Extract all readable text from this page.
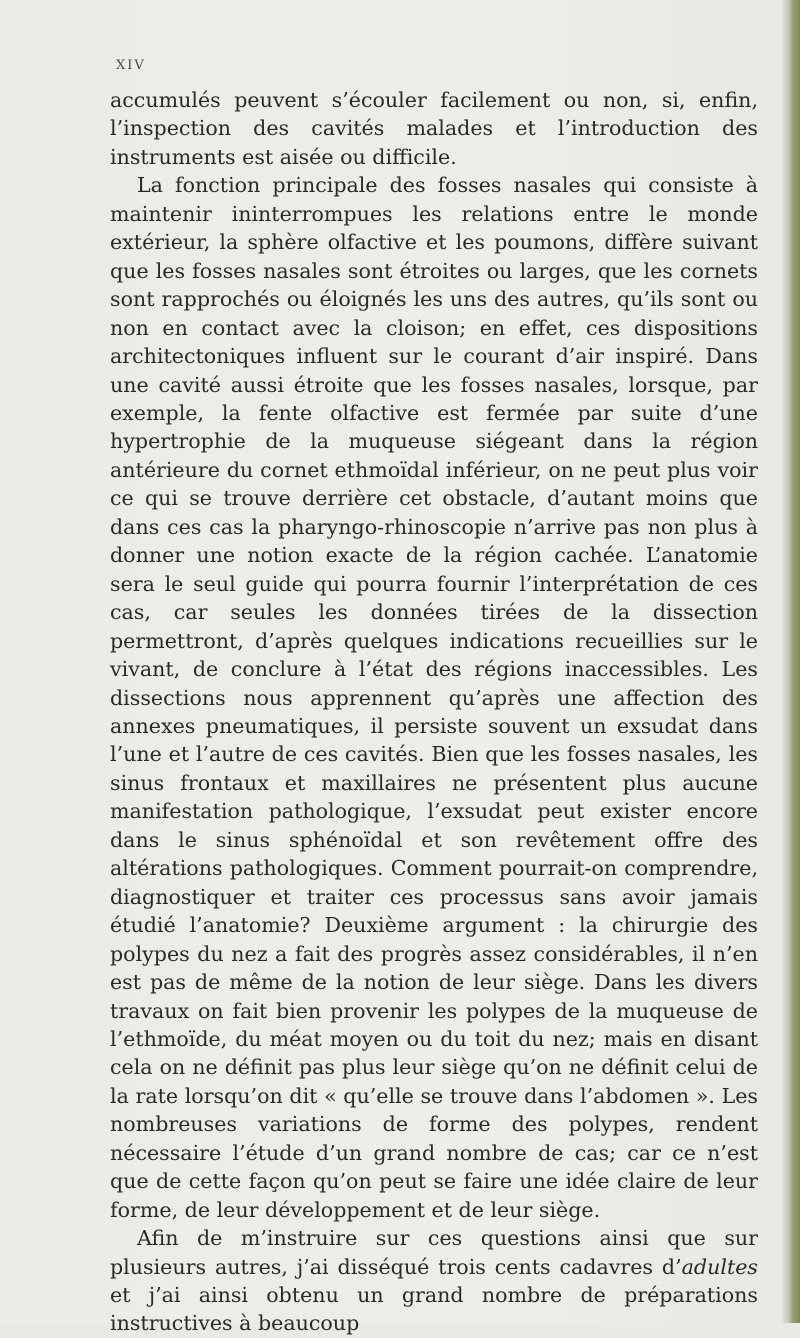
XIV

accumulés peuvent s’écouler facilement ou non, si, enfin, l’inspection des cavités malades et l’introduction des instruments est aisée ou difficile.

La fonction principale des fosses nasales qui consiste à maintenir ininterrompues les relations entre le monde extérieur, la sphère olfactive et les poumons, diffère suivant que les fosses nasales sont étroites ou larges, que les cornets sont rapprochés ou éloignés les uns des autres, qu’ils sont ou non en contact avec la cloison; en effet, ces dispositions architectoniques influent sur le courant d’air inspiré. Dans une cavité aussi étroite que les fosses nasales, lorsque, par exemple, la fente olfactive est fermée par suite d’une hypertrophie de la muqueuse siégeant dans la région antérieure du cornet ethmoïdal inférieur, on ne peut plus voir ce qui se trouve derrière cet obstacle, d’autant moins que dans ces cas la pharyngo-rhinoscopie n’arrive pas non plus à donner une notion exacte de la région cachée. L’anatomie sera le seul guide qui pourra fournir l’interprétation de ces cas, car seules les données tirées de la dissection permettront, d’après quelques indications recueillies sur le vivant, de conclure à l’état des régions inaccessibles. Les dissections nous apprennent qu’après une affection des annexes pneumatiques, il persiste souvent un exsudat dans l’une et l’autre de ces cavités. Bien que les fosses nasales, les sinus frontaux et maxillaires ne présentent plus aucune manifestation pathologique, l’exsudat peut exister encore dans le sinus sphénoïdal et son revêtement offre des altérations pathologiques. Comment pourrait-on comprendre, diagnostiquer et traiter ces processus sans avoir jamais étudié l’anatomie? Deuxième argument : la chirurgie des polypes du nez a fait des progrès assez considérables, il n’en est pas de même de la notion de leur siège. Dans les divers travaux on fait bien provenir les polypes de la muqueuse de l’ethmoïde, du méat moyen ou du toit du nez; mais en disant cela on ne définit pas plus leur siège qu’on ne définit celui de la rate lorsqu’on dit « qu’elle se trouve dans l’abdomen ». Les nombreuses variations de forme des polypes, rendent nécessaire l’étude d’un grand nombre de cas; car ce n’est que de cette façon qu’on peut se faire une idée claire de leur forme, de leur développement et de leur siège.

Afin de m’instruire sur ces questions ainsi que sur plusieurs autres, j’ai disséqué trois cents cadavres d’adultes et j’ai ainsi obtenu un grand nombre de préparations instructives à beaucoup
